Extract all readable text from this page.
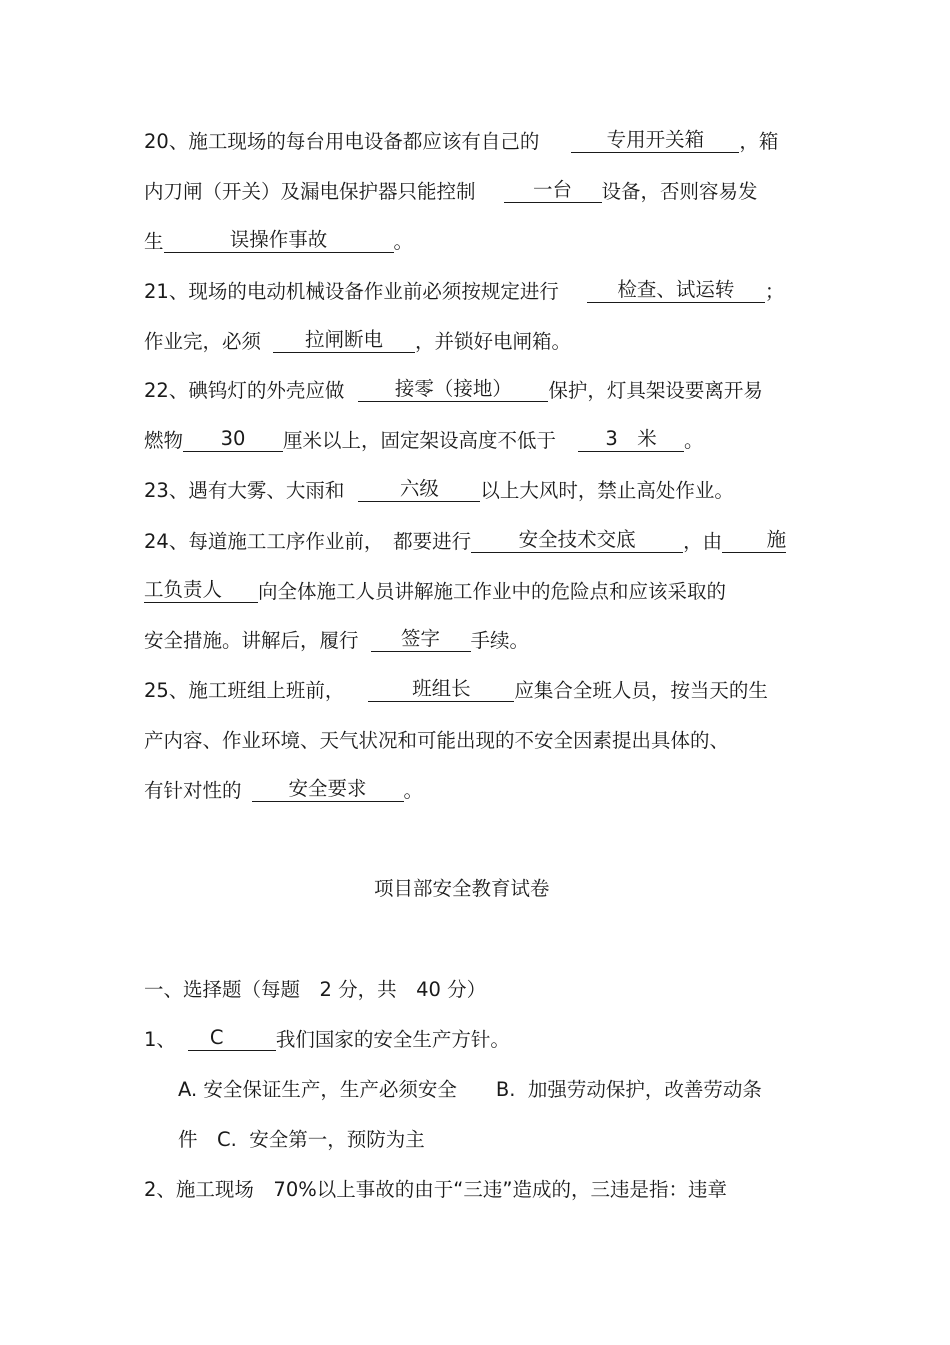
20、施工现场的每台用电设备都应该有自己的	专用开关箱 ，箱
内刀闸（开关）及漏电保护器只能控制	一台 设备，否则容易发
生	误操作事故	。
21、现场的电动机械设备作业前必须按规定进行	检查、试运转 ；
作业完，必须 拉闸断电 ，并锁好电闸箱。
22、碘钨灯的外壳应做	接零（接地） 保护，灯具架设要离开易
燃物 30 厘米以上，固定架设高度不低于	3　米 。
23、遇有大雾、大雨和	六级 以上大风时，禁止高处作业。
24、每道施工工序作业前，　都要进行 安全技术交底 ，由 施
工负责人 向全体施工人员讲解施工作业中的危险点和应该采取的
安全措施。讲解后，履行 签字 手续。
25、施工班组上班前，	班组长 应集合全班人员，按当天的生
产内容、作业环境、天气状况和可能出现的不安全因素提出具体的、
有针对性的 安全要求 。
项目部安全教育试卷
一、选择题（每题　2 分，共　40 分）
1、 C	我们国家的安全生产方针。
A. 安全保证生产，生产必须安全　　B.  加强劳动保护，改善劳动条
件　C.  安全第一，预防为主
2、施工现场　70%以上事故的由于“三违”造成的，三违是指：违章
